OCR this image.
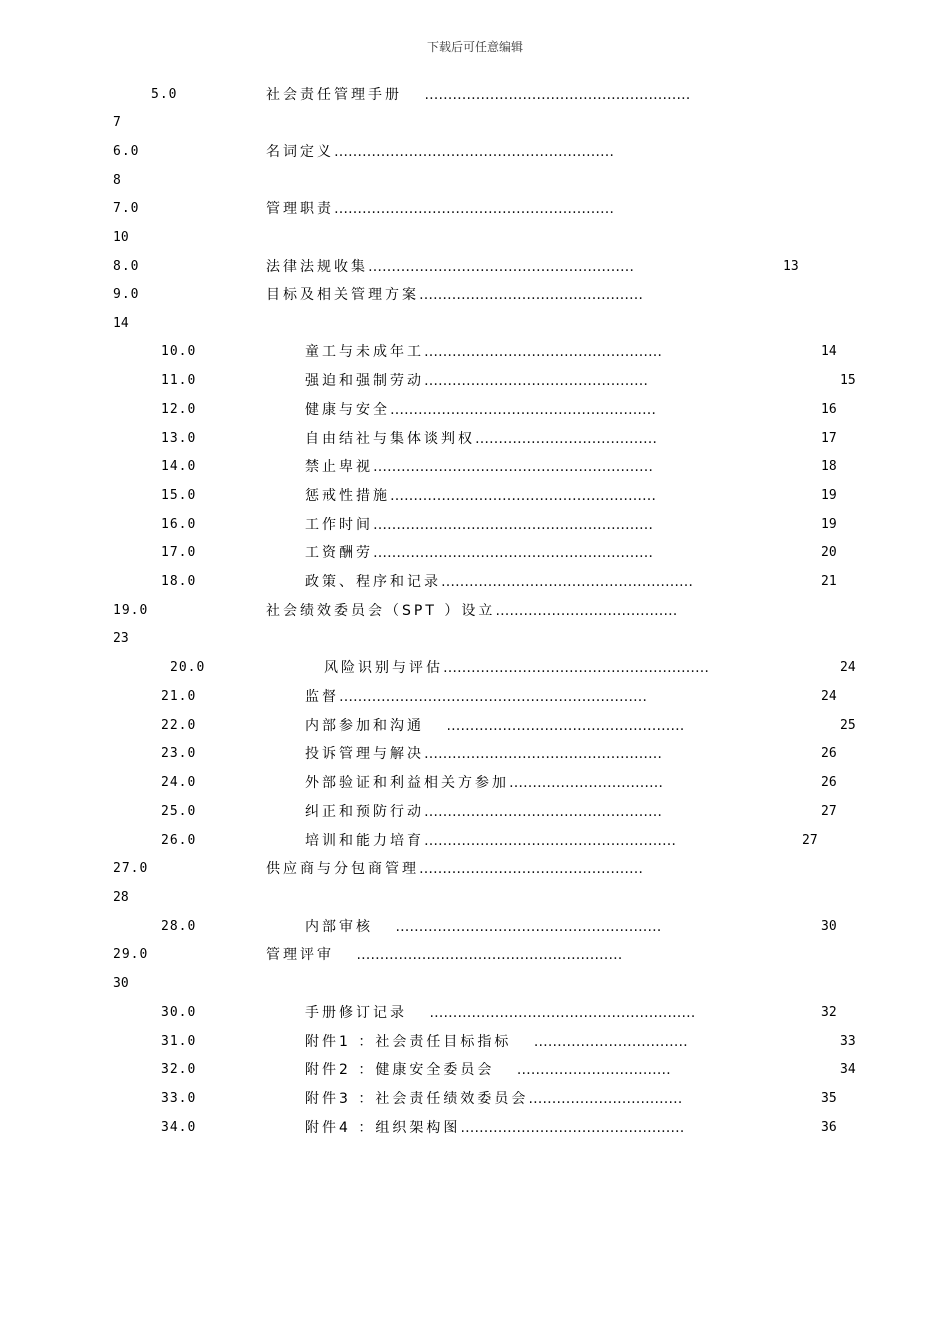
下载后可任意编辑
5.0	社会责任管理手册   …………………………………………………
7
6.0	名词定义……………………………………………………
8
7.0	管理职责……………………………………………………
10
8.0	法律法规收集…………………………………………………	13
9.0	目标及相关管理方案…………………………………………
14
10.0	童工与未成年工……………………………………………	14
11.0	强迫和强制劳动…………………………………………	15
12.0	健康与安全…………………………………………………	16
13.0	自由结社与集体谈判权…………………………………	17
14.0	禁止卑视……………………………………………………	18
15.0	惩戒性措施…………………………………………………	19
16.0	工作时间……………………………………………………	19
17.0	工资酬劳……………………………………………………	20
18.0	政策、程序和记录………………………………………………	21
19.0	社会绩效委员会（SPT ）设立…………………………………
23
20.0	风险识别与评估…………………………………………………	24
21.0	监督…………………………………………………………	24
22.0	内部参加和沟通   ……………………………………………	25
23.0	投诉管理与解决……………………………………………	26
24.0	外部验证和利益相关方参加……………………………	26
25.0	纠正和预防行动……………………………………………	27
26.0	培训和能力培育………………………………………………	27
27.0	供应商与分包商管理…………………………………………
28
28.0	内部审核   …………………………………………………	30
29.0	管理评审   …………………………………………………
30
30.0	手册修订记录   …………………………………………………	32
31.0	附件1 ：社会责任目标指标   ……………………………	33
32.0	附件2 ：健康安全委员会   ……………………………	34
33.0	附件3 ：社会责任绩效委员会……………………………	35
34.0	附件4 ：组织架构图…………………………………………	36
